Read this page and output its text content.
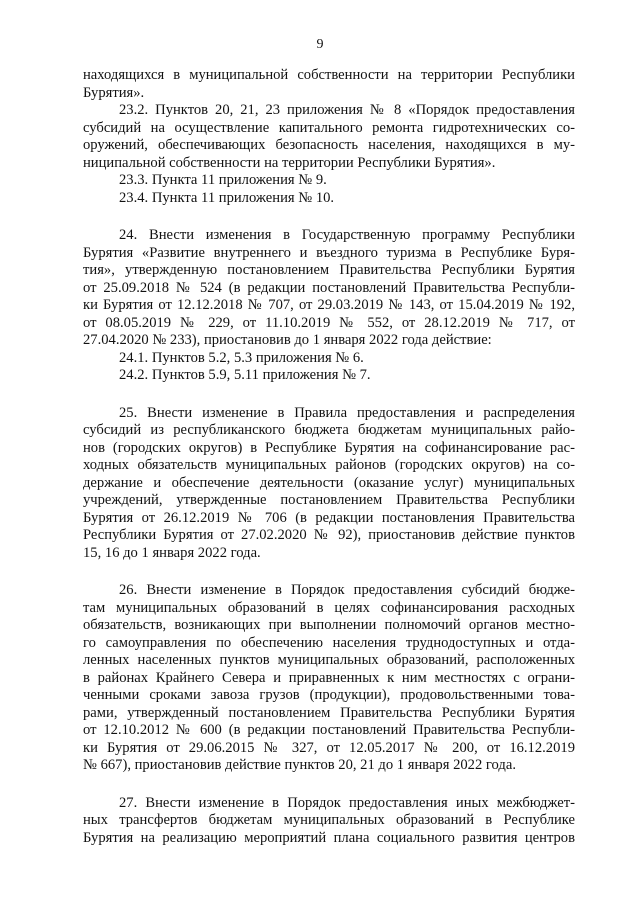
9

находящихся в муниципальной собственности на территории Республики
Бурятия».

23.2. Пунктов 20, 21, 23 приложения № 8 «Порядок предоставления
субсидий на осуществление капитального ремонта гидротехнических со-
оружений, обеспечивающих безопасность населения, находящихся в му-
ниципальной собственности на территории Республики Бурятия».

23.3. Пункта 11 приложения № 9.

23.4. Пункта 11 приложения № 10.

24. Внести изменения в Государственную программу Республики
Бурятия «Развитие внутреннего и въездного туризма в Республике Буря-
тия», утвержденную постановлением Правительства Республики Бурятия
от 25.09.2018 № 524 (в редакции постановлений Правительства Республи-
ки Бурятия от 12.12.2018 № 707, от 29.03.2019 № 143, от 15.04.2019 № 192,
от 08.05.2019 № 229, от 11.10.2019 № 552, от 28.12.2019 № 717, от
27.04.2020 № 233), приостановив до 1 января 2022 года действие:

24.1. Пунктов 5.2, 5.3 приложения № 6.

24.2. Пунктов 5.9, 5.11 приложения № 7.

25. Внести изменение в Правила предоставления и распределения
субсидий из республиканского бюджета бюджетам муниципальных райо-
нов (городских округов) в Республике Бурятия на софинансирование рас-
ходных обязательств муниципальных районов (городских округов) на со-
держание и обеспечение деятельности (оказание услуг) муниципальных
учреждений, утвержденные постановлением Правительства Республики
Бурятия от 26.12.2019 № 706 (в редакции постановления Правительства
Республики Бурятия от 27.02.2020 № 92), приостановив действие пунктов
15, 16 до 1 января 2022 года.

26. Внести изменение в Порядок предоставления субсидий бюдже-
там муниципальных образований в целях софинансирования расходных
обязательств, возникающих при выполнении полномочий органов местно-
го самоуправления по обеспечению населения труднодоступных и отда-
ленных населенных пунктов муниципальных образований, расположенных
в районах Крайнего Севера и приравненных к ним местностях с ограни-
ченными сроками завоза грузов (продукции), продовольственными това-
рами, утвержденный постановлением Правительства Республики Бурятия
от 12.10.2012 № 600 (в редакции постановлений Правительства Республи-
ки Бурятия от 29.06.2015 № 327, от 12.05.2017 № 200, от 16.12.2019
№ 667), приостановив действие пунктов 20, 21 до 1 января 2022 года.

27. Внести изменение в Порядок предоставления иных межбюджет-
ных трансфертов бюджетам муниципальных образований в Республике
Бурятия на реализацию мероприятий плана социального развития центров
